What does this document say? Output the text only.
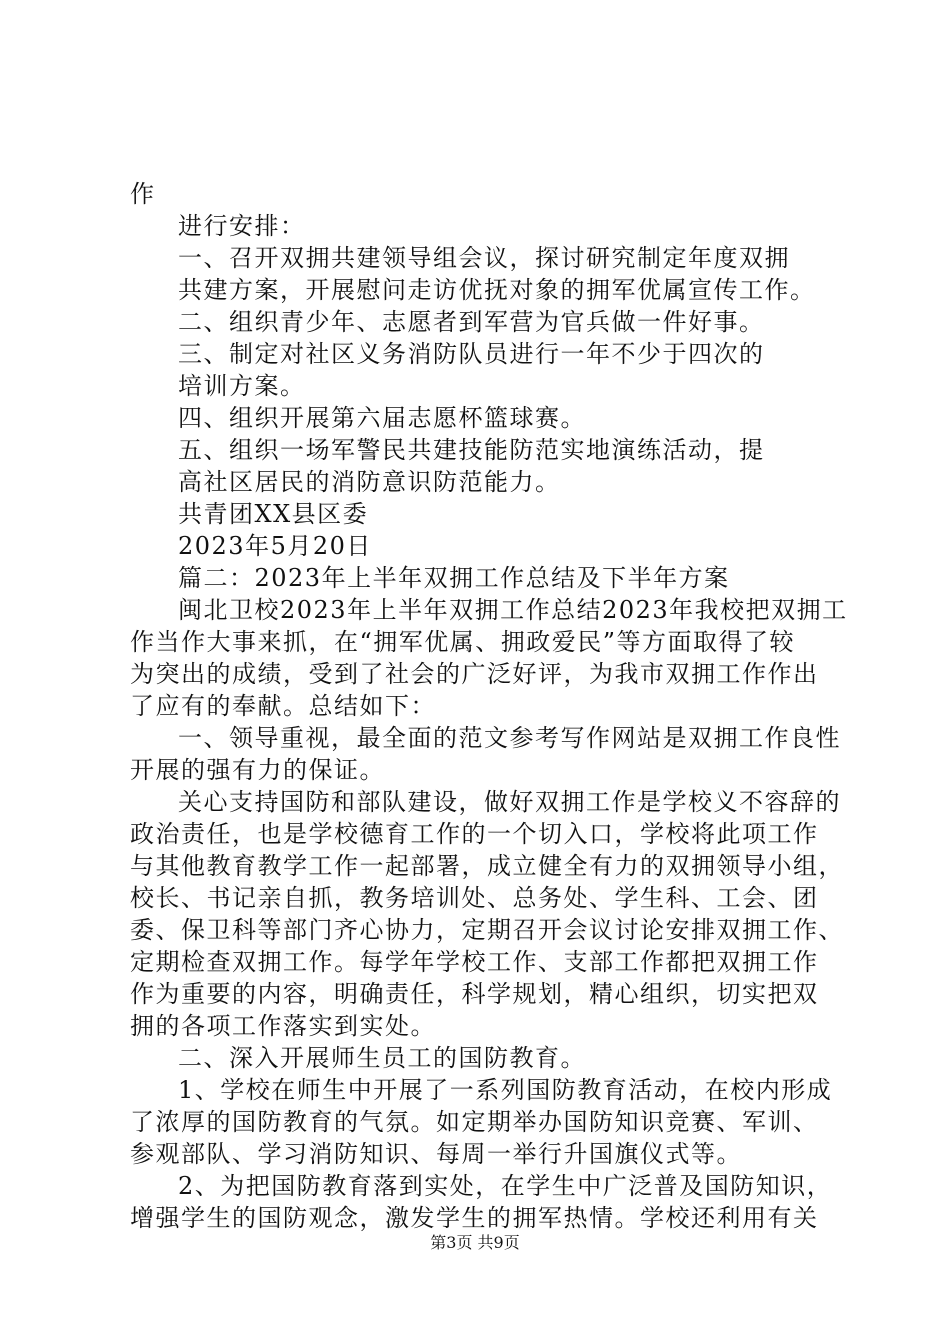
作

进行安排：

一、召开双拥共建领导组会议，探讨研究制定年度双拥

共建方案，开展慰问走访优抚对象的拥军优属宣传工作。

二、组织青少年、志愿者到军营为官兵做一件好事。

三、制定对社区义务消防队员进行一年不少于四次的

培训方案。

四、组织开展第六届志愿杯篮球赛。

五、组织一场军警民共建技能防范实地演练活动，提

高社区居民的消防意识防范能力。

共青团XX县区委

2023年5月20日

篇二：2023年上半年双拥工作总结及下半年方案

闽北卫校2023年上半年双拥工作总结2023年我校把双拥工

作当作大事来抓，在“拥军优属、拥政爱民”等方面取得了较

为突出的成绩，受到了社会的广泛好评，为我市双拥工作作出

了应有的奉献。总结如下：

一、领导重视，最全面的范文参考写作网站是双拥工作良性

开展的强有力的保证。

关心支持国防和部队建设，做好双拥工作是学校义不容辞的

政治责任，也是学校德育工作的一个切入口，学校将此项工作

与其他教育教学工作一起部署，成立健全有力的双拥领导小组，

校长、书记亲自抓，教务培训处、总务处、学生科、工会、团

委、保卫科等部门齐心协力，定期召开会议讨论安排双拥工作、

定期检查双拥工作。每学年学校工作、支部工作都把双拥工作

作为重要的内容，明确责任，科学规划，精心组织，切实把双

拥的各项工作落实到实处。

二、深入开展师生员工的国防教育。

1、学校在师生中开展了一系列国防教育活动，在校内形成

了浓厚的国防教育的气氛。如定期举办国防知识竞赛、军训、

参观部队、学习消防知识、每周一举行升国旗仪式等。

2、为把国防教育落到实处，在学生中广泛普及国防知识，

增强学生的国防观念，激发学生的拥军热情。学校还利用有关

第3页 共9页
